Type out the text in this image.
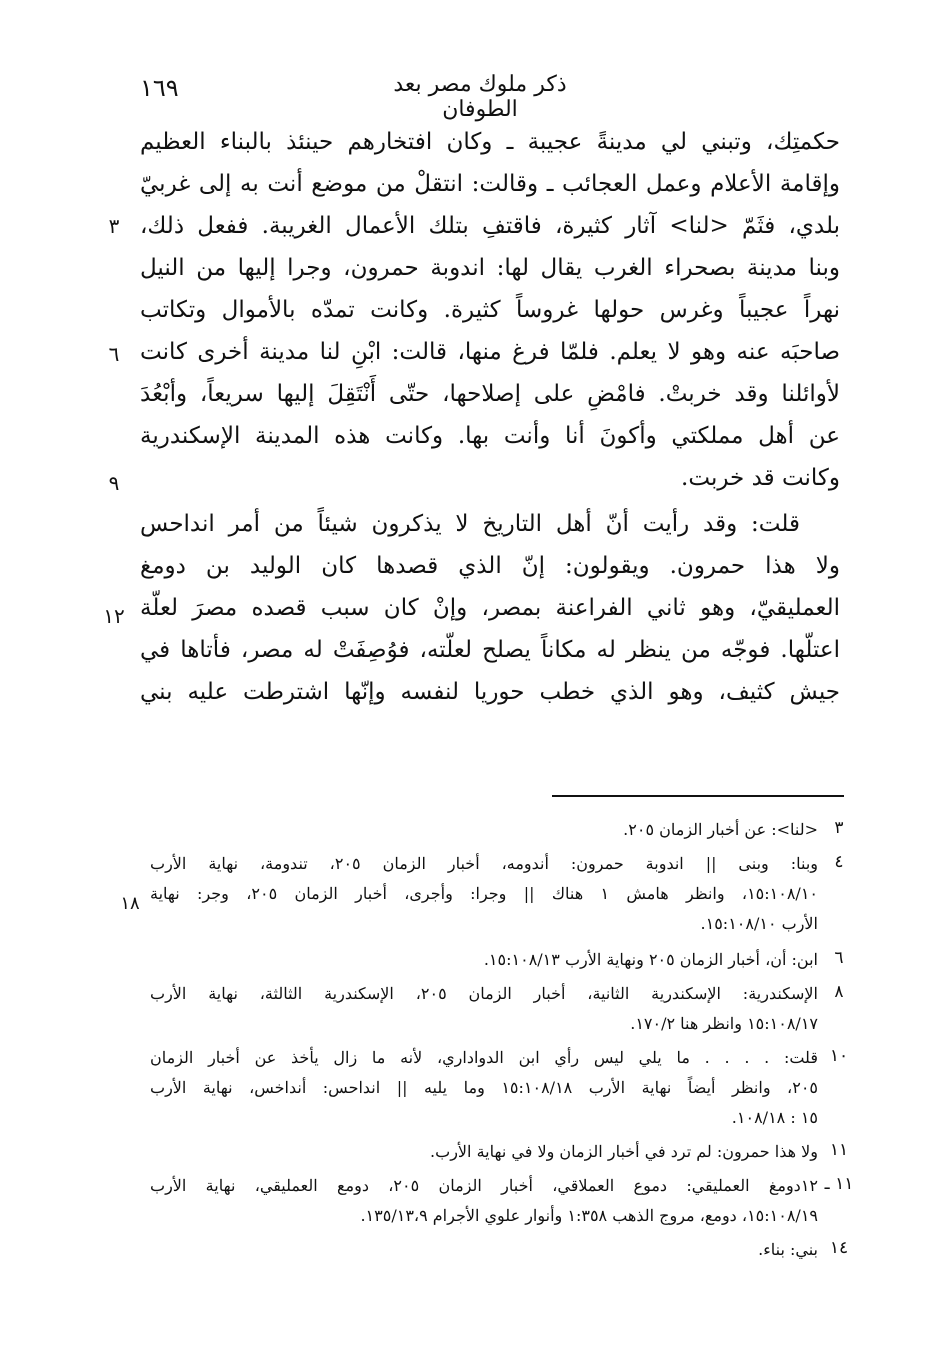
١٦٩	ذكر ملوك مصر بعد الطوفان
حكمتِك، وتبني لي مدينةً عجيبة ـ وكان افتخارهم حينئذ بالبناء العظيم
وإقامة الأعلام وعمل العجائب ـ وقالت: انتقلْ من موضع أنت به إلى غربيّ
بلدي، فثَمّ <لنا> آثار كثيرة، فاقتفِ بتلك الأعمال الغريبة. ففعل ذلك،
وبنا مدينة بصحراء الغرب يقال لها: اندوبة حمرون، وجرا إليها من النيل
نهراً عجيباً وغرس حولها غروساً كثيرة. وكانت تمدّه بالأموال وتكاتب
صاحبَه عنه وهو لا يعلم. فلمّا فرغ منها، قالت: ابْنِ لنا مدينة أخرى كانت
لأوائلنا وقد خربتْ. فامْضِ على إصلاحها، حتّى أَنْتَقِلَ إليها سريعاً، وأبْعُدَ
عن أهل مملكتي وأكونَ أنا وأنت بها. وكانت هذه المدينة الإسكندرية
وكانت قد خربت.
قلت: وقد رأيت أنّ أهل التاريخ لا يذكرون شيئاً من أمر انداحس
ولا هذا حمرون. ويقولون: إنّ الذي قصدها كان الوليد بن دومغ
العمليقيّ، وهو ثاني الفراعنة بمصر، وإنْ كان سبب قصده مصرَ لعلّة
اعتلّها. فوجّه من ينظر له مكاناً يصلح لعلّته، فوُصِفَتْ له مصر، فأتاها في
جيش كثيف، وهو الذي خطب حوريا لنفسه وإنّها اشترطت عليه بني
٣
٦
٩
١٢
٣
<لنا>: عن أخبار الزمان ٢٠٥.
٤
وبنا: وبنى || اندوبة حمرون: أندومه، أخبار الزمان ٢٠٥، تندومة، نهاية الأرب
١٥:١٠٨/١٠، وانظر هامش ١ هناك || وجرا: وأجرى، أخبار الزمان ٢٠٥، وجر: نهاية
الأرب ١٥:١٠٨/١٠.
١٨
٦
ابن: أن، أخبار الزمان ٢٠٥ ونهاية الأرب ١٥:١٠٨/١٣.
٨
الإسكندرية: الإسكندرية الثانية، أخبار الزمان ٢٠٥، الإسكندرية الثالثة، نهاية الأرب
١٥:١٠٨/١٧ وانظر هنا ١٧٠/٢.
١٠
قلت: . . . . ما يلي ليس رأي ابن الدواداري، لأنه ما زال يأخذ عن أخبار الزمان
٢٠٥، وانظر أيضاً نهاية الأرب ١٥:١٠٨/١٨ وما يليه || انداحس: أنداخس، نهاية الأرب
١٥ : ١٠٨/١٨.
١١
ولا هذا حمرون: لم ترد في أخبار الزمان ولا في نهاية الأرب.
١١ ـ
١٢دومغ العمليقي: دموع العملاقي، أخبار الزمان ٢٠٥، دومع العمليقي، نهاية الأرب
١٥:١٠٨/١٩، دومع، مروج الذهب ١:٣٥٨ وأنوار علوي الأجرام ١٣٥/١٣،٩.
١٤
بني: بناء.
